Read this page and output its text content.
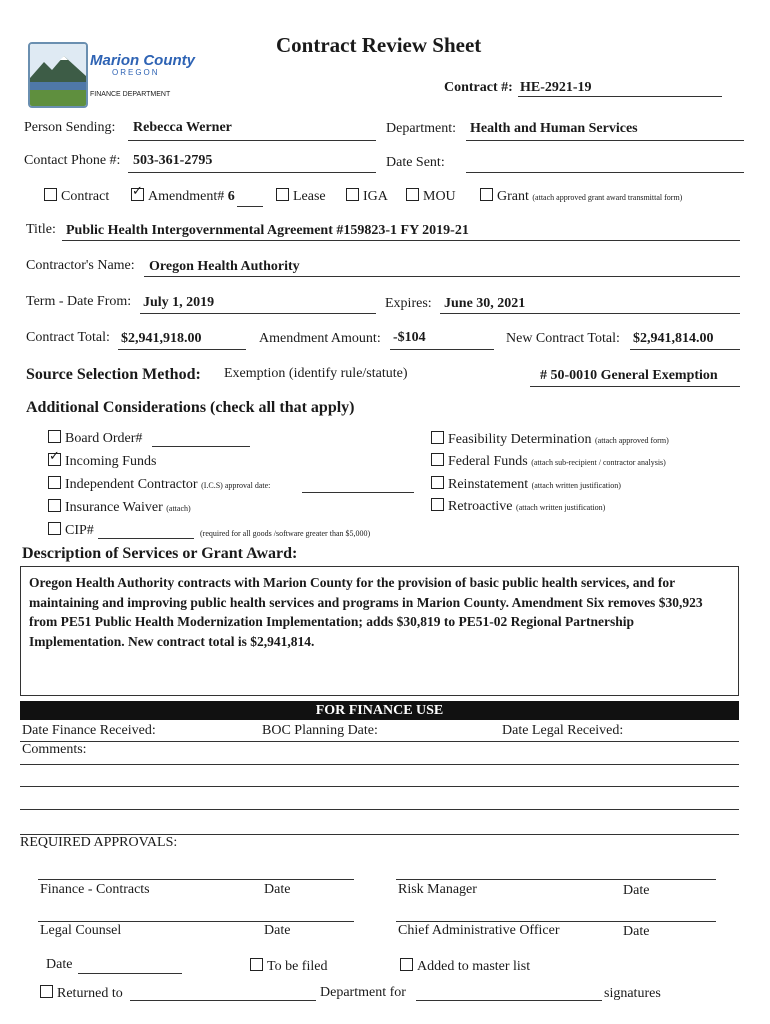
Marion County
OREGON
FINANCE DEPARTMENT
Contract Review Sheet
Contract #: HE-2921-19
Person Sending: Rebecca Werner	Department: Health and Human Services
Contact Phone #: 503-361-2795	Date Sent:
Contract
✓	Amendment# 6	Lease	IGA	MOU	Grant (attach approved grant award transmittal form)
Title: Public Health Intergovernmental Agreement #159823-1 FY 2019-21
Contractor's Name: Oregon Health Authority
Term - Date From: July 1, 2019	Expires: June 30, 2021
Contract Total: $2,941,918.00	Amendment Amount: -$104	New Contract Total: $2,941,814.00
Source Selection Method: Exemption (identify rule/statute)	# 50-0010 General Exemption
Additional Considerations (check all that apply)
Board Order#
✓Incoming Funds
Independent Contractor (I.C.S) approval date:
Insurance Waiver (attach)
CIP#	(required for all goods /software greater than $5,000)
Feasibility Determination (attach approved form)
Federal Funds (attach sub-recipient / contractor analysis)
Reinstatement (attach written justification)
Retroactive (attach written justification)
Description of Services or Grant Award:
Oregon Health Authority contracts with Marion County for the provision of basic public health services, and for maintaining and improving public health services and programs in Marion County. Amendment Six removes $30,923 from PE51 Public Health Modernization Implementation; adds $30,819 to PE51-02 Regional Partnership Implementation. New contract total is $2,941,814.
FOR FINANCE USE
Date Finance Received:	BOC Planning Date:	Date Legal Received:
Comments:
REQUIRED APPROVALS:
Finance - Contracts	Date	Risk Manager	Date
Legal Counsel	Date	Chief Administrative Officer	Date
Date	To be filed	Added to master list
Returned to	Department for	signatures
